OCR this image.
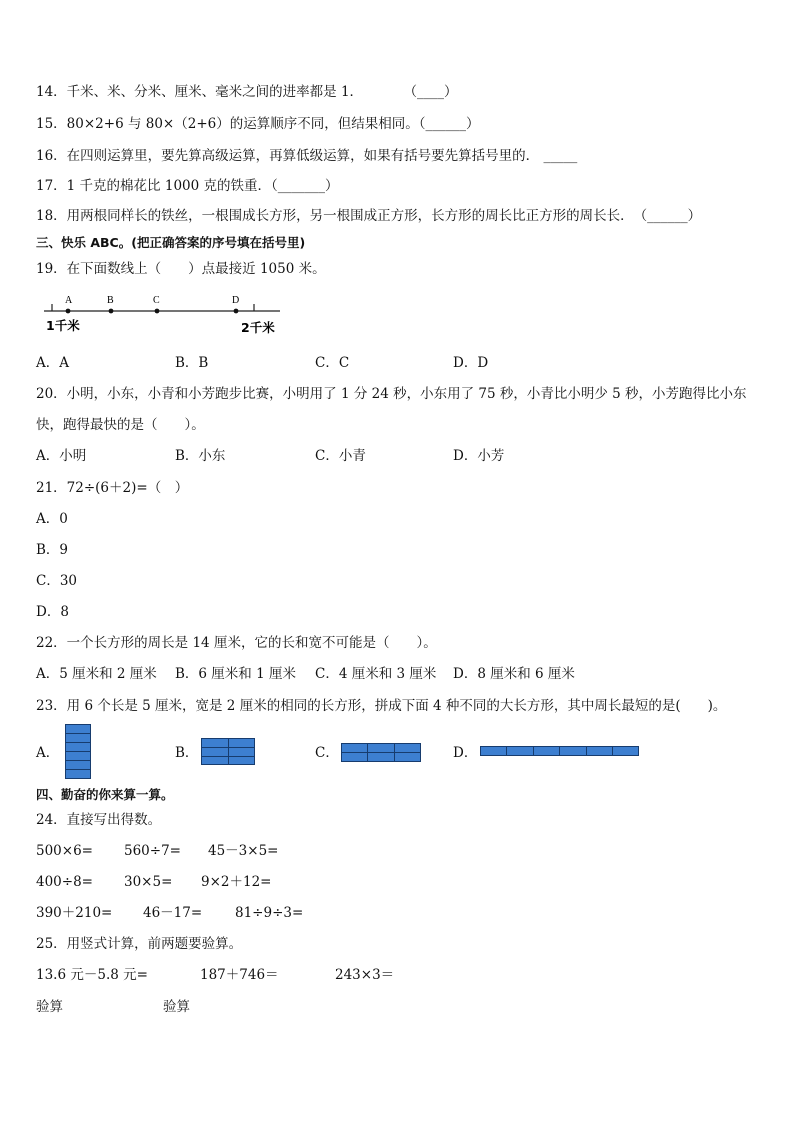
14．千米、米、分米、厘米、毫米之间的进率都是 1．　　　　（____）
15．80×2+6 与 80×（2+6）的运算顺序不同，但结果相同。（______）
16．在四则运算里，要先算高级运算，再算低级运算，如果有括号要先算括号里的． _____
17．1 千克的棉花比 1000 克的铁重．（_______）
18．用两根同样长的铁丝，一根围成长方形，另一根围成正方形，长方形的周长比正方形的周长长．　（______）
三、快乐 ABC。(把正确答案的序号填在括号里)
19．在下面数线上（　　）点最接近 1050 米。
A	B	C	D
1千米	2千米
A．A	B．B	C．C	D．D
20．小明，小东，小青和小芳跑步比赛，小明用了 1 分 24 秒，小东用了 75 秒，小青比小明少 5 秒，小芳跑得比小东
快，跑得最快的是（　　）。
A．小明	B．小东	C．小青	D．小芳
21．72÷(6＋2)=（　）
A．0
B．9
C．30
D．8
22．一个长方形的周长是 14 厘米，它的长和宽不可能是（　　）。
A．5 厘米和 2 厘米 B．6 厘米和 1 厘米 C．4 厘米和 3 厘米 D．8 厘米和 6 厘米
23．用 6 个长是 5 厘米，宽是 2 厘米的相同的长方形，拼成下面 4 种不同的大长方形，其中周长最短的是(　　)。
A．	B．	C．	D．
四、勤奋的你来算一算。
24．直接写出得数。
500×6= 560÷7= 45－3×5=
400÷8= 30×5= 9×2＋12=
390＋210= 46－17= 81÷9÷3=
25．用竖式计算，前两题要验算。
13.6 元－5.8 元=	187＋746＝	243×3＝
验算	验算
